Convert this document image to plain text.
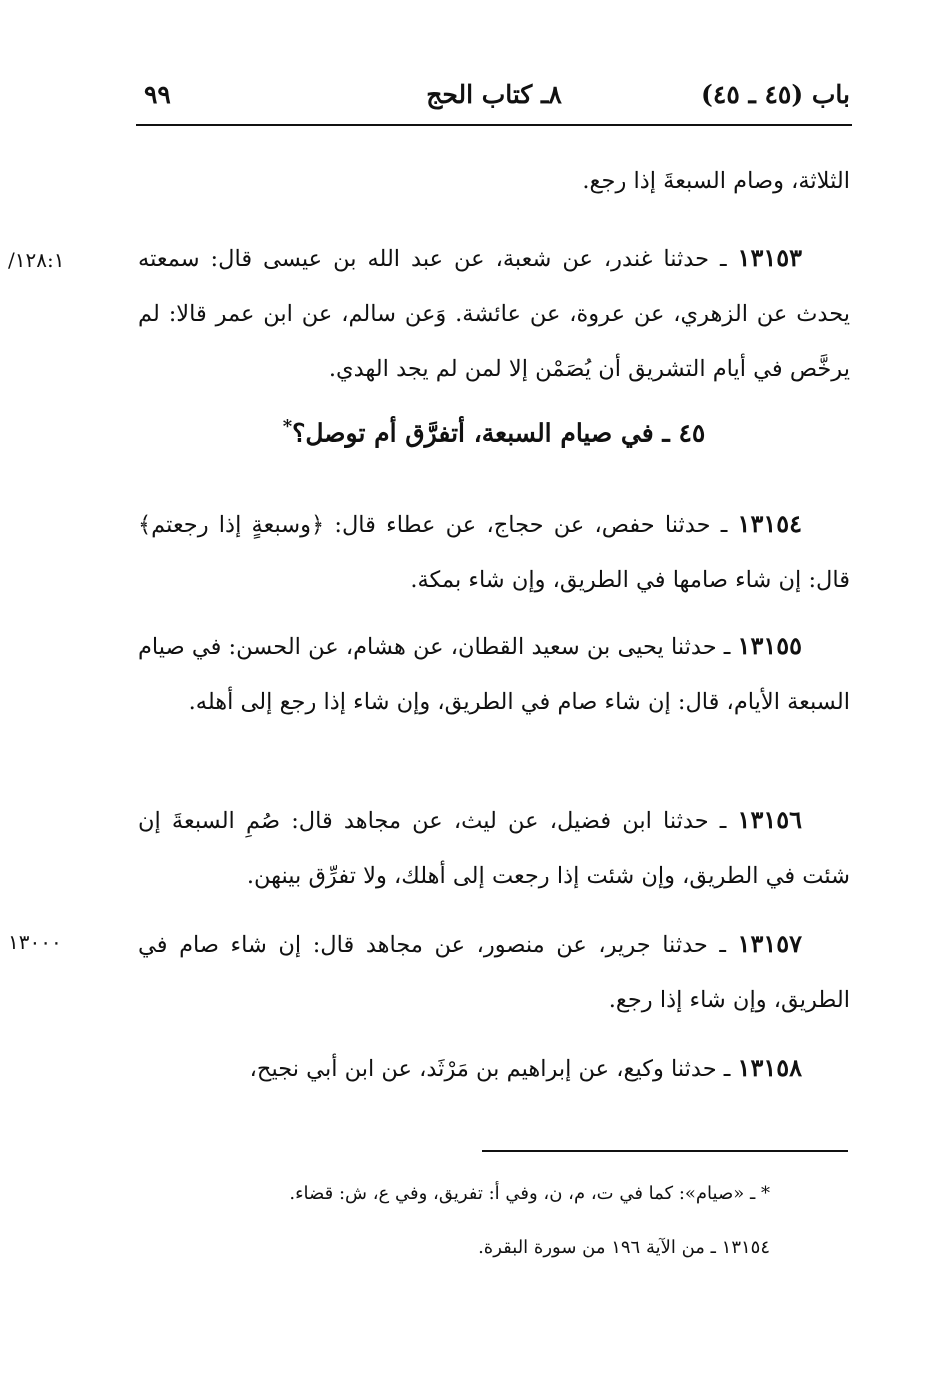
باب (٤٥ ـ ٤٥)
٨ـ كتاب الحج
٩٩
الثلاثة، وصام السبعةَ إذا رجع.
١٢٨:١/	١٣١٥٣ ـ حدثنا غندر، عن شعبة، عن عبد الله بن عيسى قال: سمعته يحدث عن الزهري، عن عروة، عن عائشة. وَعن سالم، عن ابن عمر قالا: لم يرخَّص في أيام التشريق أن يُصَمْن إلا لمن لم يجد الهدي.
٤٥ ـ في صيام السبعة، أتفرَّق أم توصل؟*
١٣١٥٤ ـ حدثنا حفص، عن حجاج، عن عطاء قال: ﴿وسبعةٍ إذا رجعتم﴾ قال: إن شاء صامها في الطريق، وإن شاء بمكة.
١٣١٥٥ ـ حدثنا يحيى بن سعيد القطان، عن هشام، عن الحسن: في صيام السبعة الأيام، قال: إن شاء صام في الطريق، وإن شاء إذا رجع إلى أهله.
١٣١٥٦ ـ حدثنا ابن فضيل، عن ليث، عن مجاهد قال: صُمِ السبعةَ إن شئت في الطريق، وإن شئت إذا رجعت إلى أهلك، ولا تفرِّق بينهن.
١٣٠٠٠	١٣١٥٧ ـ حدثنا جرير، عن منصور، عن مجاهد قال: إن شاء صام في الطريق، وإن شاء إذا رجع.
١٣١٥٨ ـ حدثنا وكيع، عن إبراهيم بن مَرْثَد، عن ابن أبي نجيح،
* ـ «صيام»: كما في ت، م، ن، وفي أ: تفريق، وفي ع، ش: قضاء.
١٣١٥٤ ـ من الآية ١٩٦ من سورة البقرة.
